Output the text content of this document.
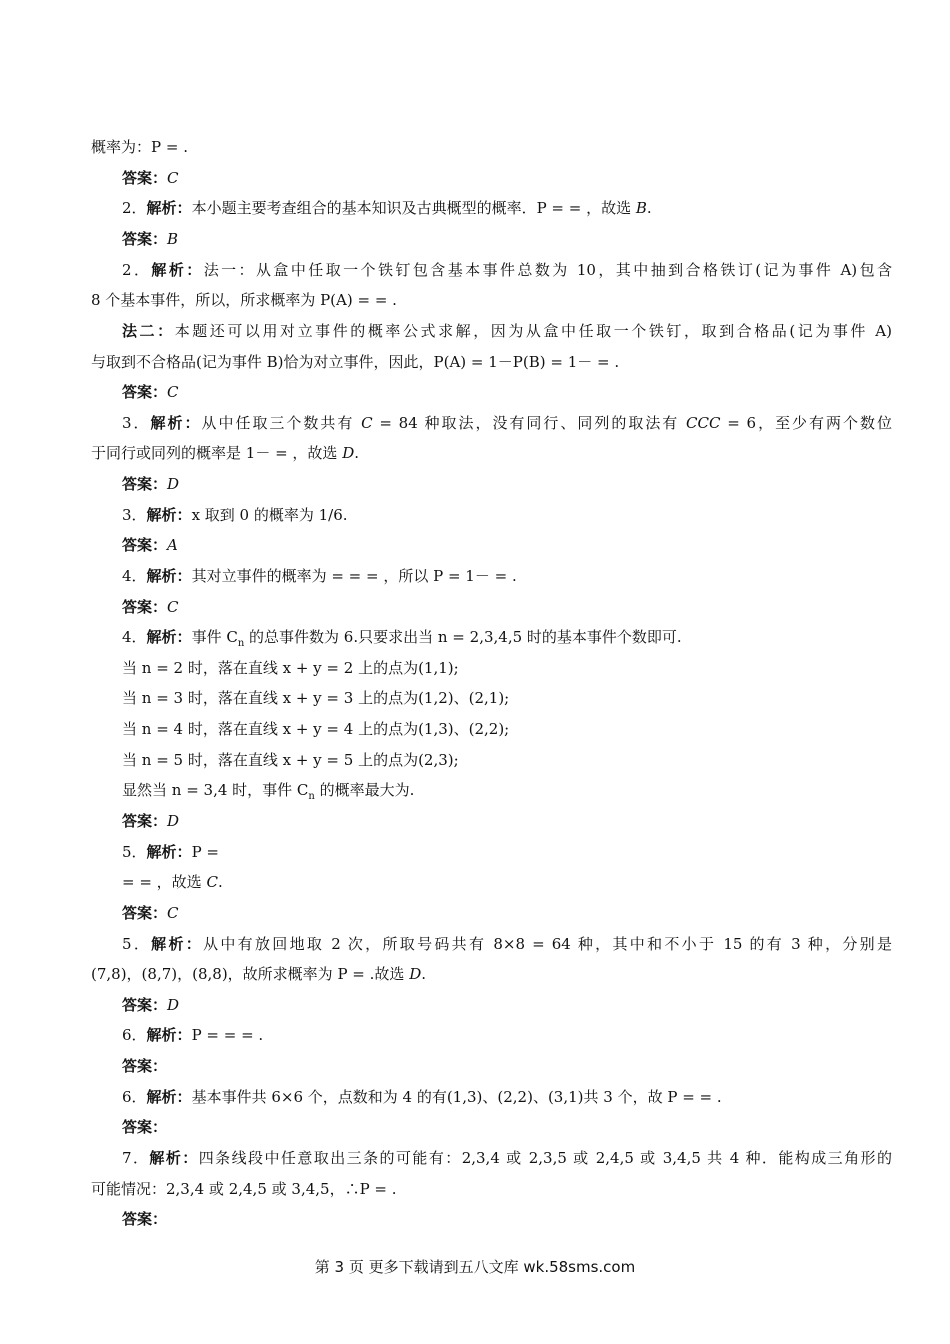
概率为：P = .
答案：C
2．解析：本小题主要考查组合的基本知识及古典概型的概率．P = = ，故选 B.
答案：B
2．解析：法一：从盒中任取一个铁钉包含基本事件总数为 10，其中抽到合格铁订(记为事件 A)包含
8 个基本事件，所以，所求概率为 P(A) = = .
法二：本题还可以用对立事件的概率公式求解，因为从盒中任取一个铁钉，取到合格品(记为事件 A)
与取到不合格品(记为事件 B)恰为对立事件，因此，P(A) = 1－P(B) = 1－ = .
答案：C
3．解析：从中任取三个数共有 C = 84 种取法，没有同行、同列的取法有 CCC = 6，至少有两个数位
于同行或同列的概率是 1－ = ，故选 D.
答案：D
3．解析：x 取到 0 的概率为 1/6.
答案：A
4．解析：其对立事件的概率为 = = = ，所以 P = 1－ = .
答案：C
4．解析：事件 $C_n$ 的总事件数为 6.只要求出当 n = 2,3,4,5 时的基本事件个数即可.
当 n = 2 时，落在直线 x + y = 2 上的点为(1,1);
当 n = 3 时，落在直线 x + y = 3 上的点为(1,2)、(2,1);
当 n = 4 时，落在直线 x + y = 4 上的点为(1,3)、(2,2);
当 n = 5 时，落在直线 x + y = 5 上的点为(2,3);
显然当 n = 3,4 时，事件 $C_n$ 的概率最大为.
答案：D
5．解析：P =
= = ，故选 C.
答案：C
5．解析：从中有放回地取 2 次，所取号码共有 8×8 = 64 种，其中和不小于 15 的有 3 种，分别是
(7,8)，(8,7)，(8,8)，故所求概率为 P = .故选 D.
答案：D
6．解析：P = = = .
答案：
6．解析：基本事件共 6×6 个，点数和为 4 的有(1,3)、(2,2)、(3,1)共 3 个，故 P = = .
答案：
7．解析：四条线段中任意取出三条的可能有：2,3,4 或 2,3,5 或 2,4,5 或 3,4,5 共 4 种．能构成三角形的
可能情况：2,3,4 或 2,4,5 或 3,4,5，∴P = .
答案：
第 3 页 更多下载请到五八文库 wk.58sms.com
